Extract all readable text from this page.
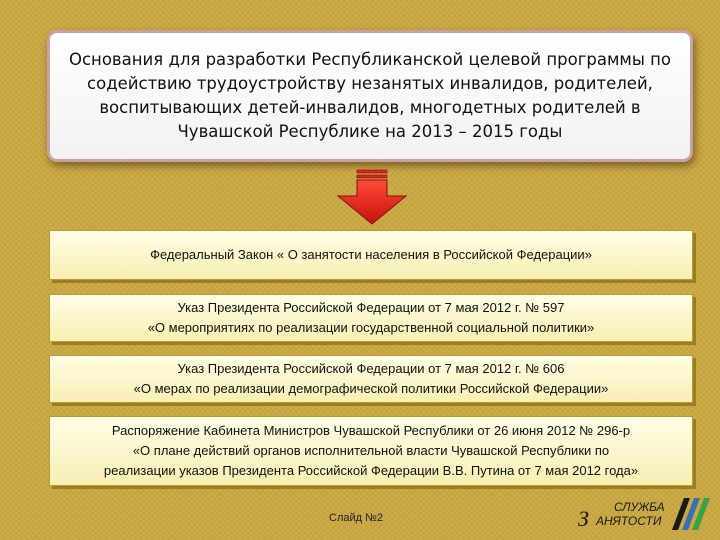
Основания для разработки Республиканской целевой программы по
содействию трудоустройству незанятых инвалидов, родителей,
воспитывающих детей-инвалидов, многодетных родителей в
Чувашской Республике на 2013 – 2015 годы
Федеральный Закон « О занятости населения в Российской Федерации»
Указ Президента Российской Федерации от 7 мая 2012 г. № 597
«О мероприятиях по реализации государственной социальной политики»
Указ Президента Российской Федерации от 7 мая 2012 г. № 606
«О мерах по реализации демографической политики Российской Федерации»
Распоряжение Кабинета Министров Чувашской Республики от 26 июня 2012 № 296-р
«О плане действий органов исполнительной власти Чувашской Республики по
реализации указов Президента Российской Федерации В.В. Путина от 7 мая 2012 года»
Слайд №2	З СЛУЖБА
АНЯТОСТИ
